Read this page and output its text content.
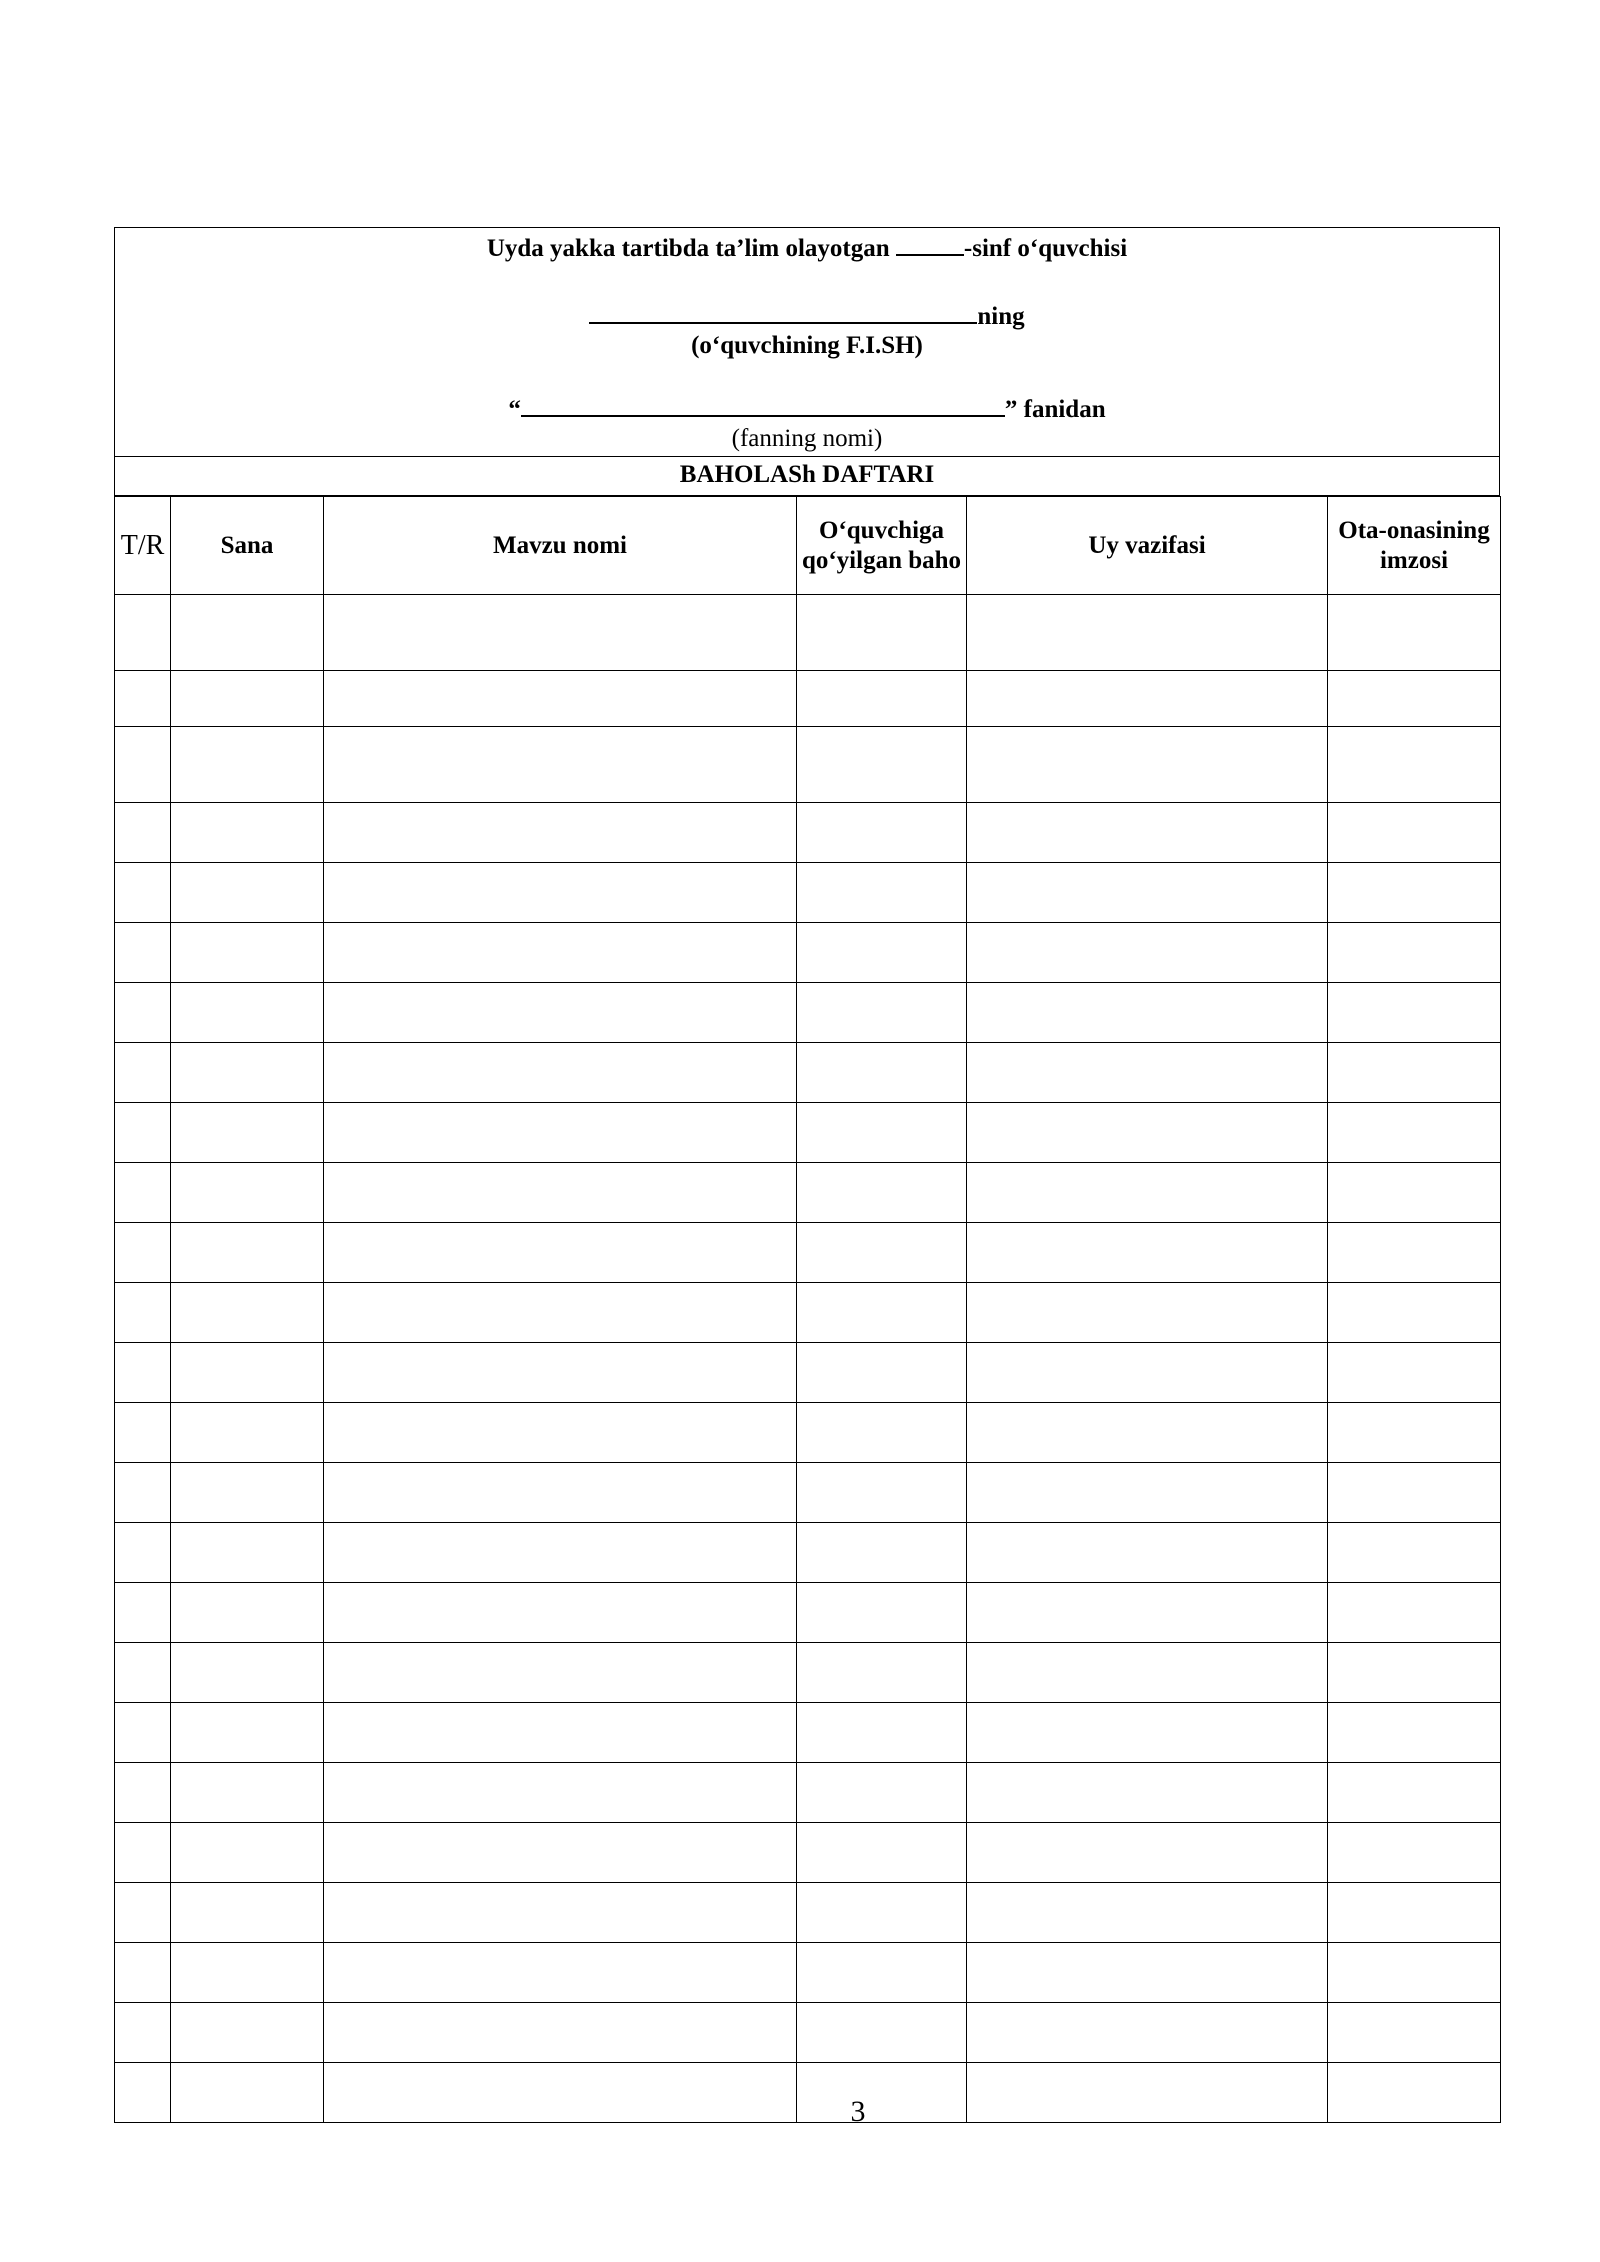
Uyda yakka tartibda ta’lim olayotgan	-sinf o‘quvchisi
ning
(o‘quvchining F.I.SH)
“	” fanidan
(fanning nomi)
BAHOLASh DAFTARI
T/R	Sana	Mavzu nomi	O‘quvchiga qo‘yilgan baho	Uy vazifasi	Ota-onasining imzosi

3
